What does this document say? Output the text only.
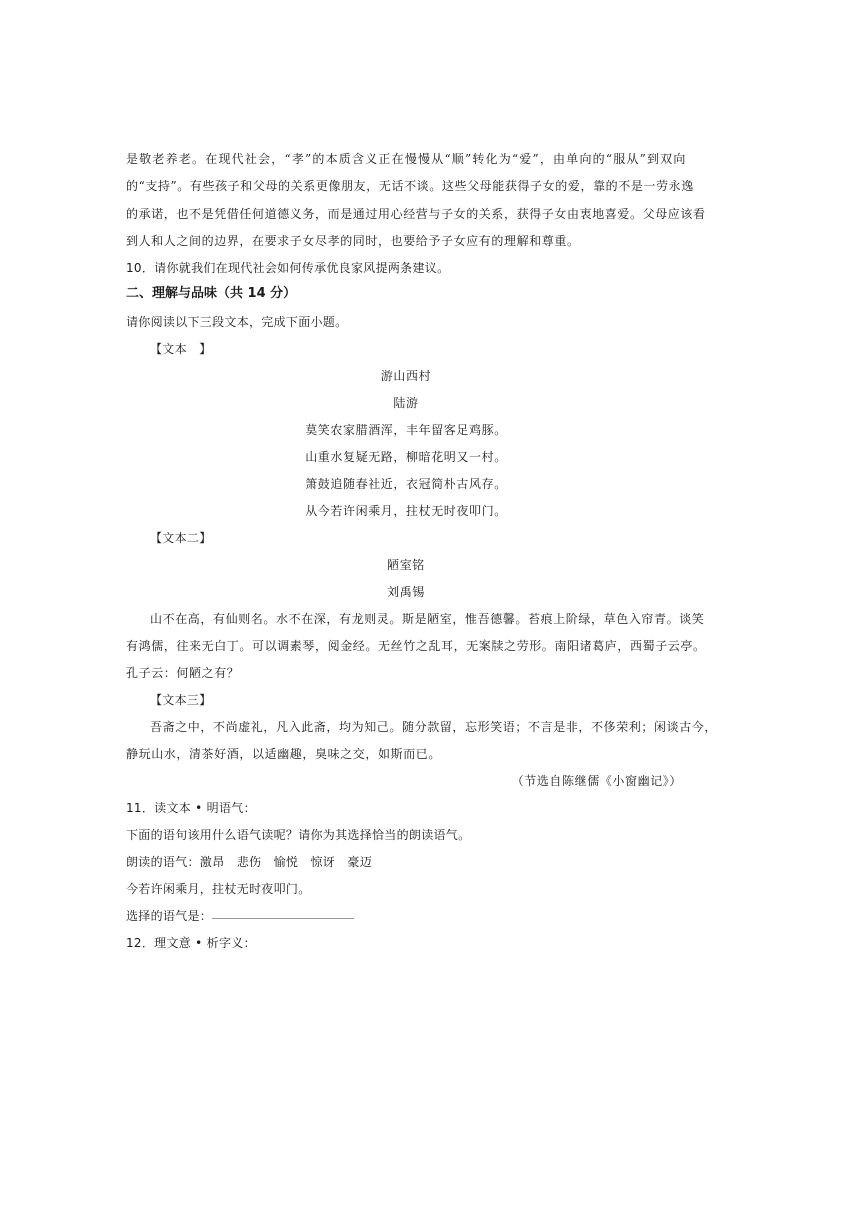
是敬老养老。在现代社会，“孝”的本质含义正在慢慢从“顺”转化为“爱”，由单向的“服从”到双向
的“支持”。有些孩子和父母的关系更像朋友，无话不谈。这些父母能获得子女的爱，靠的不是一劳永逸
的承诺，也不是凭借任何道德义务，而是通过用心经营与子女的关系，获得子女由衷地喜爱。父母应该看
到人和人之间的边界，在要求子女尽孝的同时，也要给予子女应有的理解和尊重。
10．请你就我们在现代社会如何传承优良家风提两条建议。
二、理解与品味（共 14 分）
请你阅读以下三段文本，完成下面小题。
【文本　】
游山西村
陆游
莫笑农家腊酒浑，丰年留客足鸡豚。
山重水复疑无路，柳暗花明又一村。
箫鼓追随春社近，衣冠简朴古风存。
从今若许闲乘月，拄杖无时夜叩门。
【文本二】
陋室铭
刘禹锡
山不在高，有仙则名。水不在深，有龙则灵。斯是陋室，惟吾德馨。苔痕上阶绿，草色入帘青。谈笑
有鸿儒，往来无白丁。可以调素琴，阅金经。无丝竹之乱耳，无案牍之劳形。南阳诸葛庐，西蜀子云亭。
孔子云：何陋之有？
【文本三】
吾斋之中，不尚虚礼，凡入此斋，均为知己。随分款留，忘形笑语；不言是非，不侈荣利；闲谈古今，
静玩山水，清茶好酒，以适幽趣，臭味之交，如斯而已。
（节选自陈继儒《小窗幽记》）
11．读文本 • 明语气：
下面的语句该用什么语气读呢？请你为其选择恰当的朗读语气。
朗读的语气：激昂　悲伤　愉悦　惊讶　豪迈
今若许闲乘月，拄杖无时夜叩门。
选择的语气是：
12．理文意 • 析字义：
